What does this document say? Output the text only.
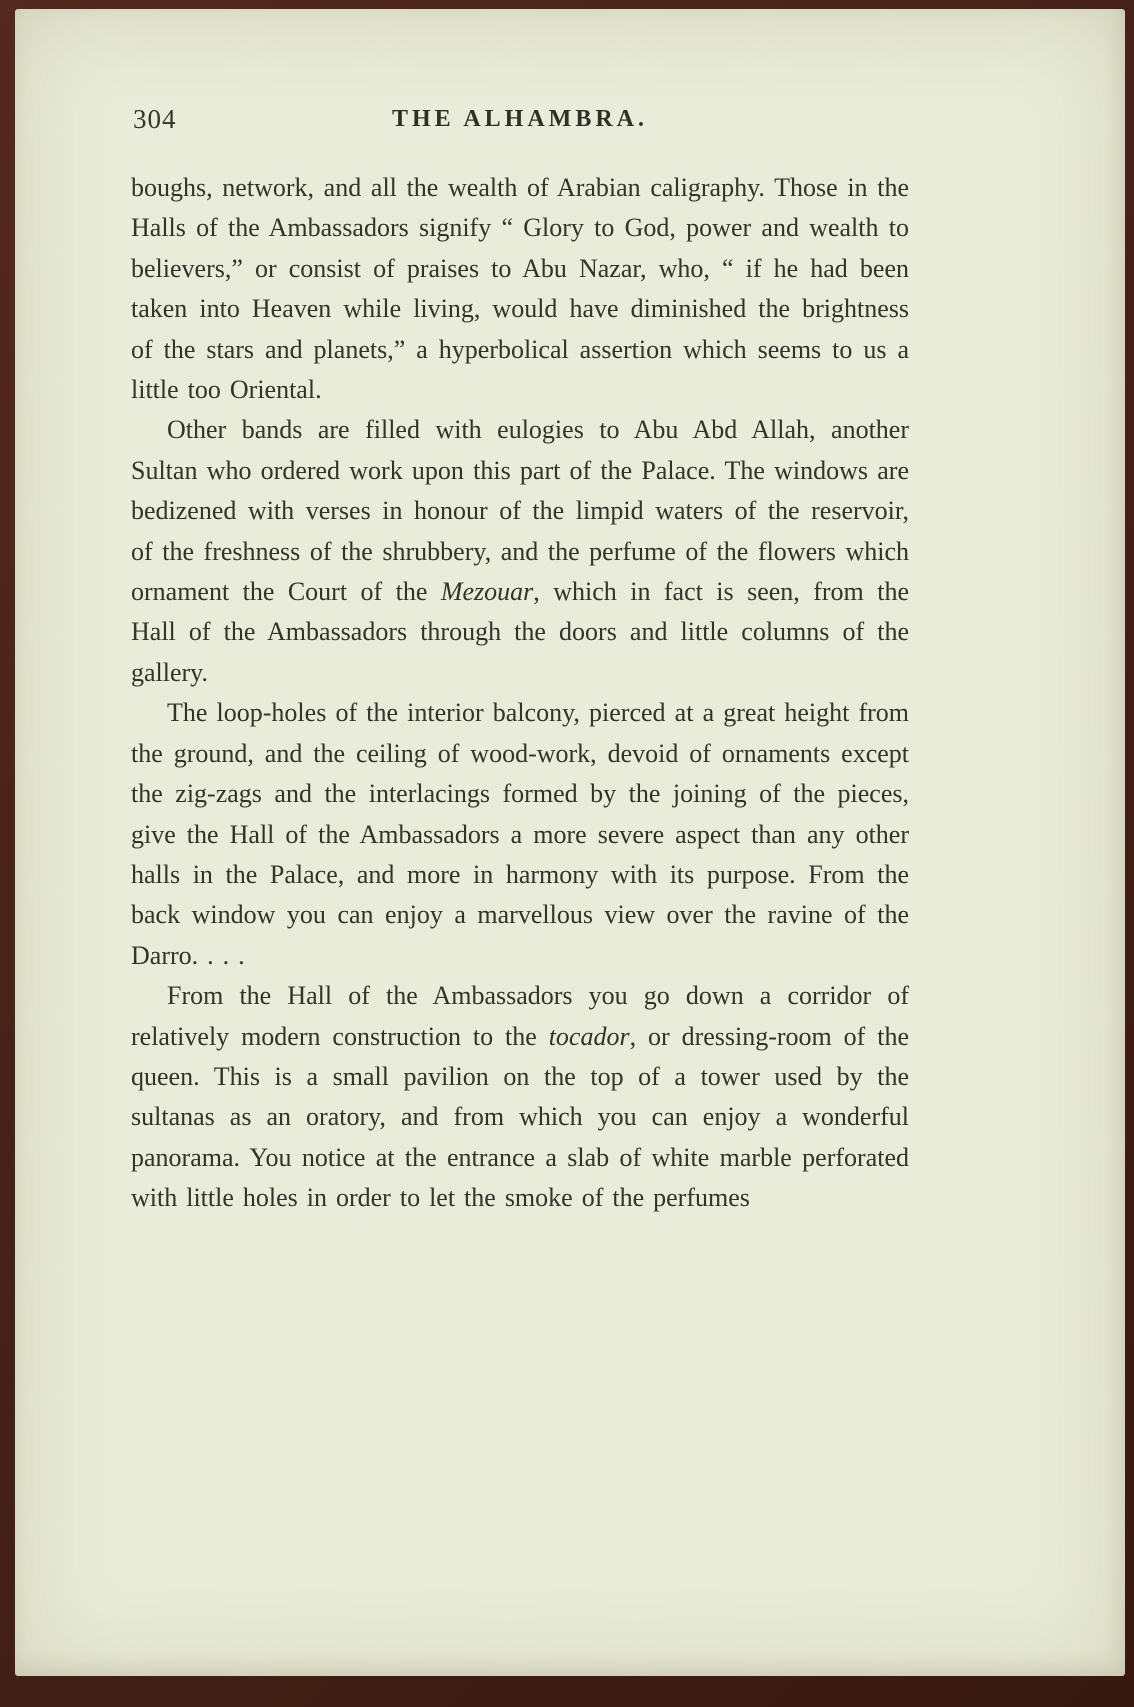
304	THE ALHAMBRA.

boughs, network, and all the wealth of Arabian caligraphy. Those in the Halls of the Ambassadors signify “ Glory to God, power and wealth to believers,” or consist of praises to Abu Nazar, who, “ if he had been taken into Heaven while living, would have diminished the brightness of the stars and planets,” a hyperbolical assertion which seems to us a little too Oriental.

Other bands are filled with eulogies to Abu Abd Allah, another Sultan who ordered work upon this part of the Palace. The windows are bedizened with verses in honour of the limpid waters of the reservoir, of the freshness of the shrubbery, and the perfume of the flowers which ornament the Court of the Mezouar, which in fact is seen, from the Hall of the Ambassadors through the doors and little columns of the gallery.

The loop-holes of the interior balcony, pierced at a great height from the ground, and the ceiling of wood-work, devoid of ornaments except the zig-zags and the interlacings formed by the joining of the pieces, give the Hall of the Ambassadors a more severe aspect than any other halls in the Palace, and more in harmony with its purpose. From the back window you can enjoy a marvellous view over the ravine of the Darro. . . .

From the Hall of the Ambassadors you go down a corridor of relatively modern construction to the tocador, or dressing-room of the queen. This is a small pavilion on the top of a tower used by the sultanas as an oratory, and from which you can enjoy a wonderful panorama. You notice at the entrance a slab of white marble perforated with little holes in order to let the smoke of the perfumes
